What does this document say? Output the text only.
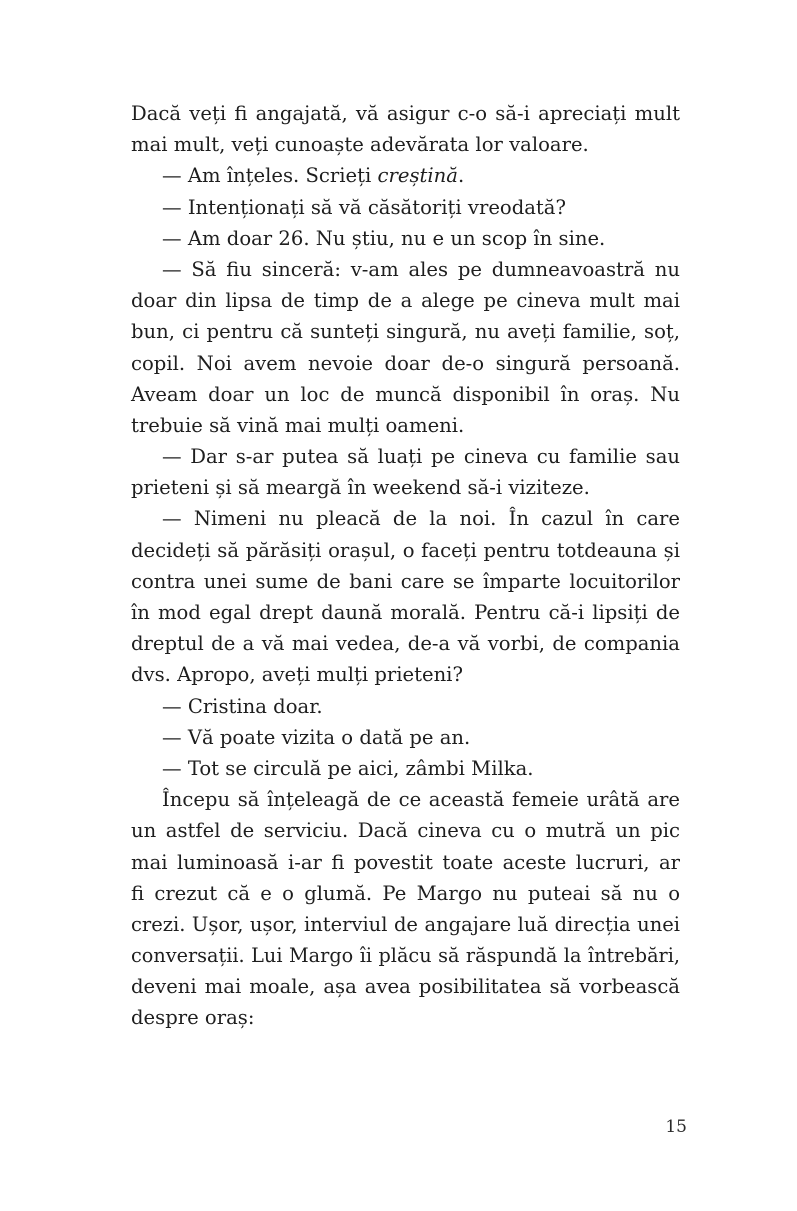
Dacă veți fi angajată, vă asigur c-o să-i apreciați mult
mai mult, veți cunoaște adevărata lor valoare.
— Am înțeles. Scrieți creștină.
— Intenționați să vă căsătoriți vreodată?
— Am doar 26. Nu știu, nu e un scop în sine.
— Să fiu sinceră: v-am ales pe dumneavoastră nu
doar din lipsa de timp de a alege pe cineva mult mai
bun, ci pentru că sunteți singură, nu aveți familie, soț,
copil. Noi avem nevoie doar de-o singură persoană.
Aveam doar un loc de muncă disponibil în oraș. Nu
trebuie să vină mai mulți oameni.
— Dar s-ar putea să luați pe cineva cu familie sau
prieteni și să meargă în weekend să-i viziteze.
— Nimeni nu pleacă de la noi. În cazul în care
decideți să părăsiți orașul, o faceți pentru totdeauna și
contra unei sume de bani care se împarte locuitorilor
în mod egal drept daună morală. Pentru că-i lipsiți de
dreptul de a vă mai vedea, de-a vă vorbi, de compania
dvs. Apropo, aveți mulți prieteni?
— Cristina doar.
— Vă poate vizita o dată pe an.
— Tot se circulă pe aici, zâmbi Milka.
Începu să înțeleagă de ce această femeie urâtă are
un astfel de serviciu. Dacă cineva cu o mutră un pic
mai luminoasă i-ar fi povestit toate aceste lucruri, ar
fi crezut că e o glumă. Pe Margo nu puteai să nu o
crezi. Ușor, ușor, interviul de angajare luă direcția unei
conversații. Lui Margo îi plăcu să răspundă la întrebări,
deveni mai moale, așa avea posibilitatea să vorbească
despre oraș:
15
